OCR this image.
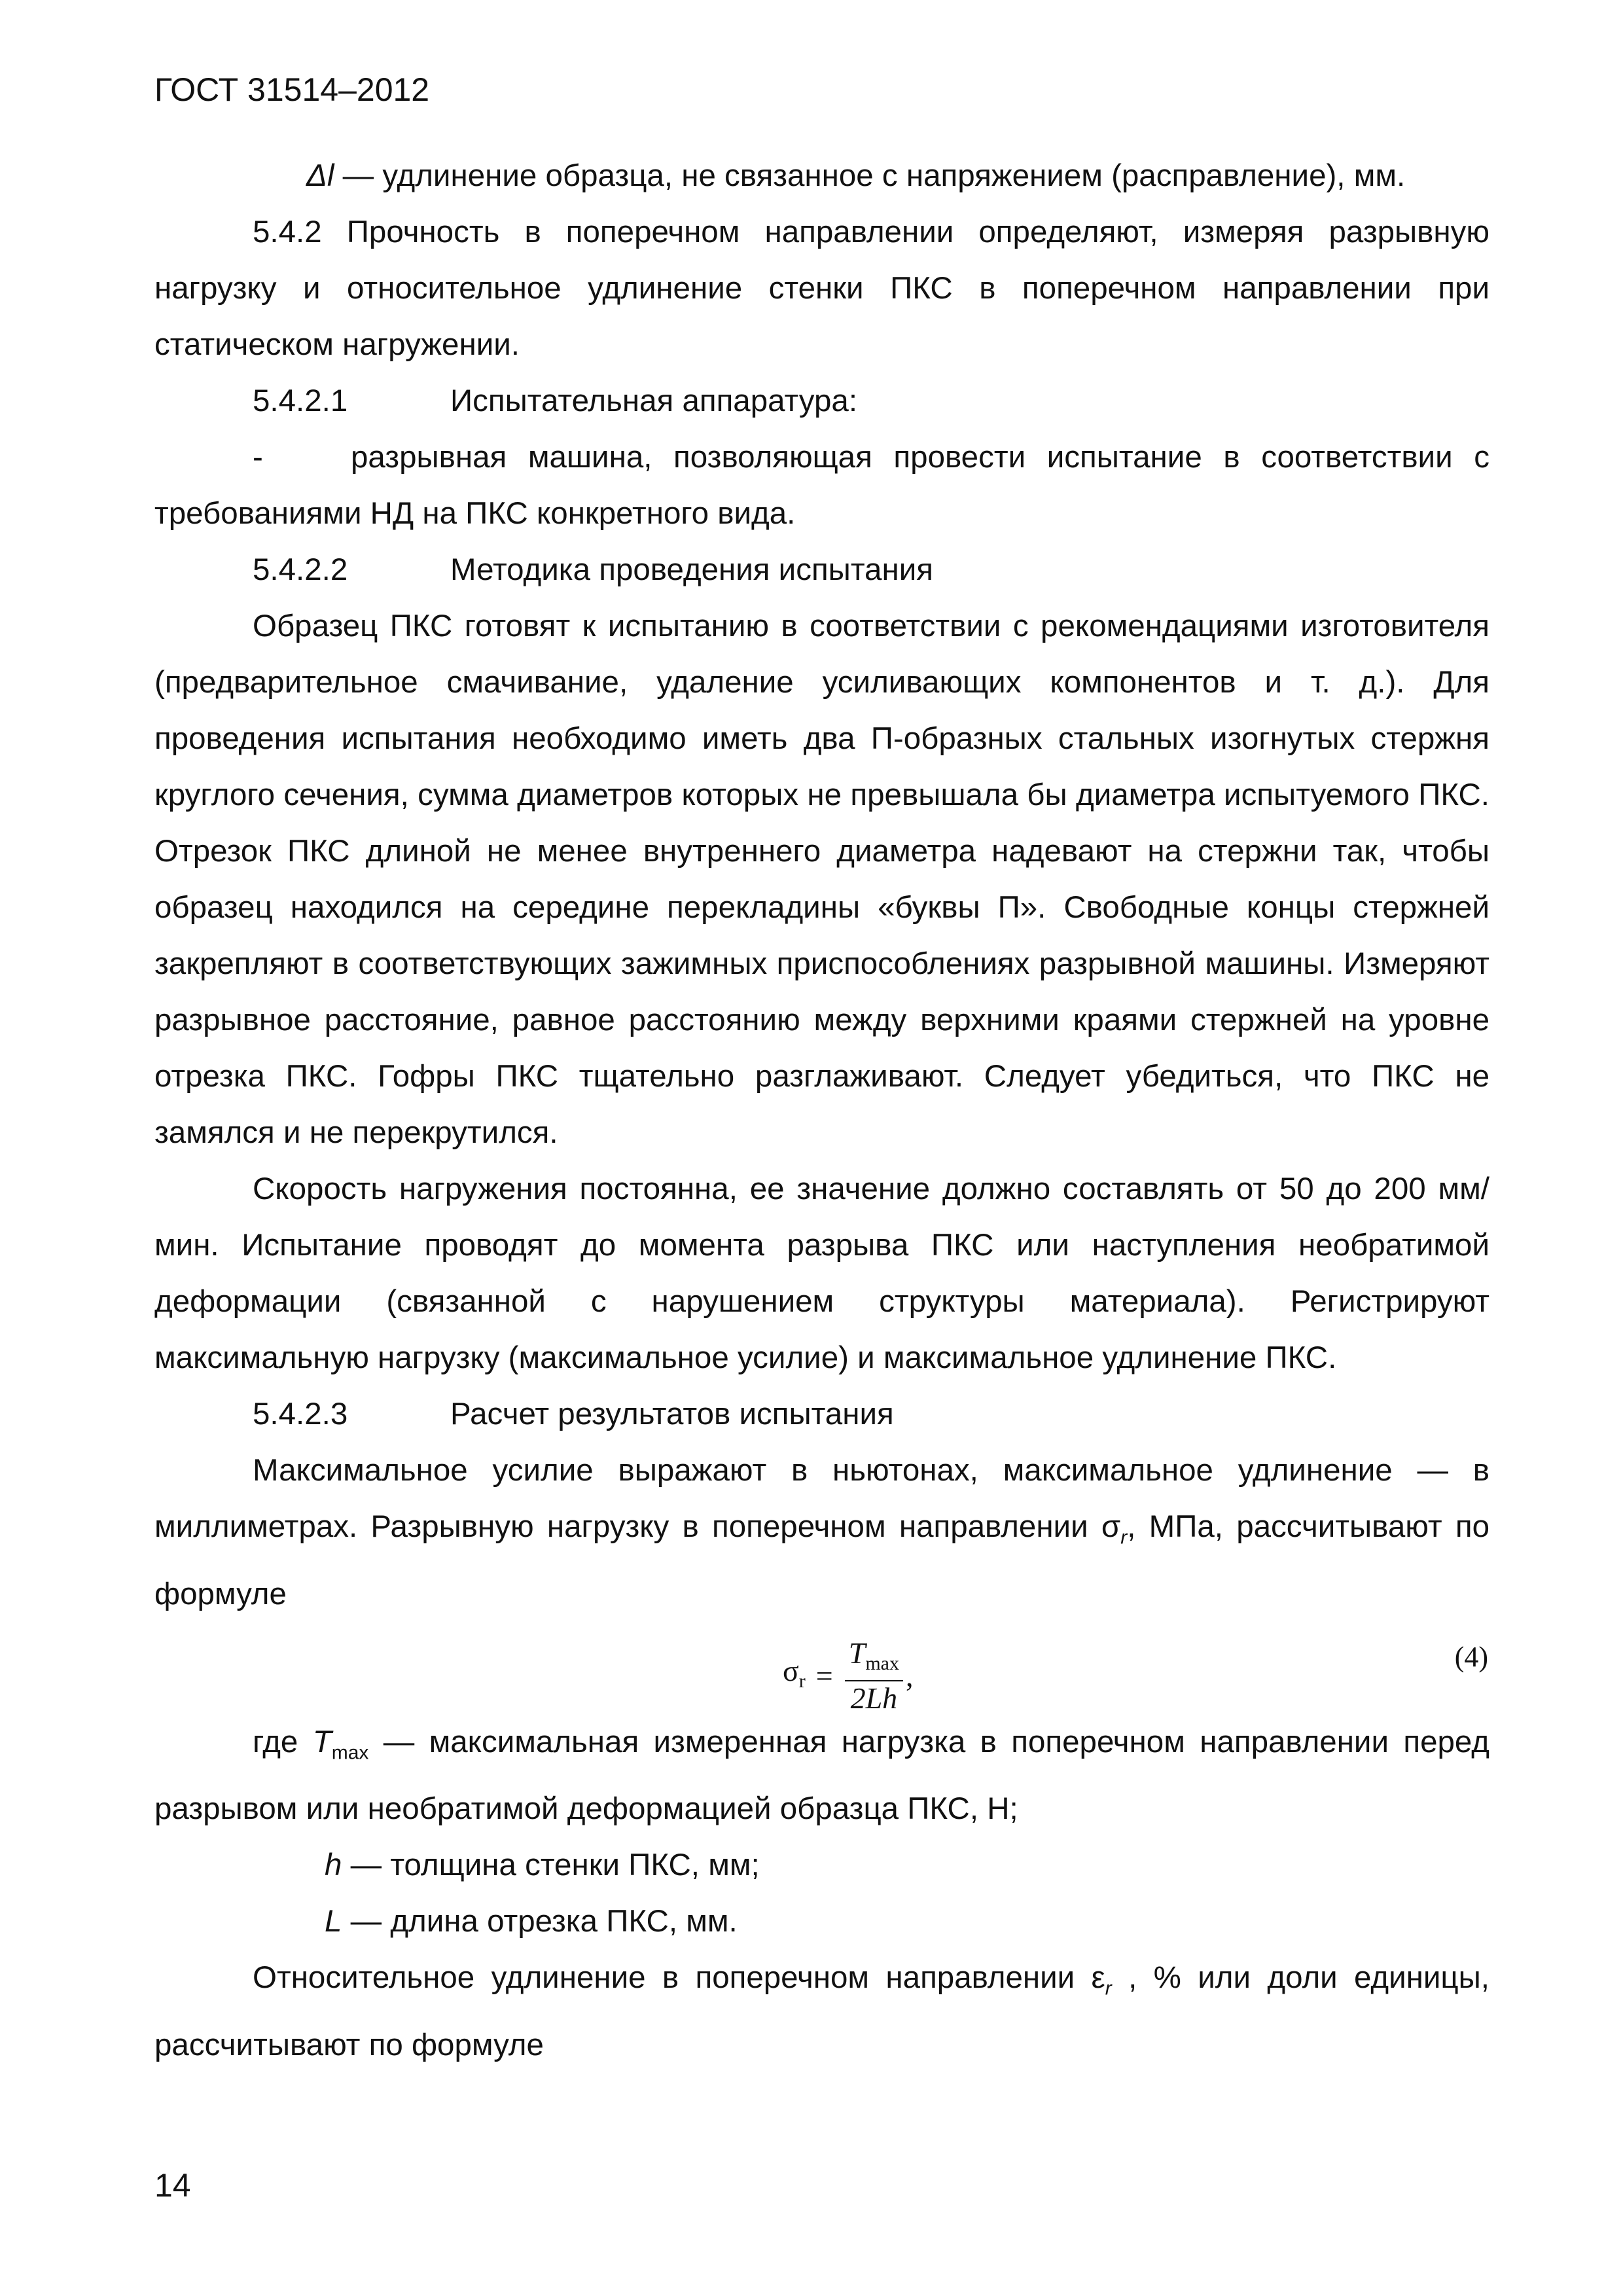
ГОСТ 31514–2012

Δl — удлинение образца, не связанное с напряжением (расправление), мм.

5.4.2 Прочность в поперечном направлении определяют, измеряя разрывную нагрузку и относительное удлинение стенки ПКС в поперечном направлении при статическом нагружении.

5.4.2.1	Испытательная аппаратура:

-	разрывная машина, позволяющая провести испытание в соответствии с требованиями НД на ПКС конкретного вида.

5.4.2.2	Методика проведения испытания

Образец ПКС готовят к испытанию в соответствии с рекомендациями изготовителя (предварительное смачивание, удаление усиливающих компонентов и т. д.). Для проведения испытания необходимо иметь два П-образных стальных изогнутых стержня круглого сечения, сумма диаметров которых не превышала бы диаметра испытуемого ПКС. Отрезок ПКС длиной не менее внутреннего диаметра надевают на стержни так, чтобы образец находился на середине перекладины «буквы П». Свободные концы стержней закрепляют в соответствующих зажимных приспособлениях разрывной машины. Измеряют разрывное расстояние, равное расстоянию между верхними краями стержней на уровне отрезка ПКС. Гофры ПКС тщательно разглаживают. Следует убедиться, что ПКС не замялся и не перекрутился.

Скорость нагружения постоянна, ее значение должно составлять от 50 до 200 мм/мин. Испытание проводят до момента разрыва ПКС или наступления необратимой деформации (связанной с нарушением структуры материала). Регистрируют максимальную нагрузку (максимальное усилие) и максимальное удлинение ПКС.

5.4.2.3	Расчет результатов испытания

Максимальное усилие выражают в ньютонах, максимальное удлинение — в миллиметрах. Разрывную нагрузку в поперечном направлении $\sigma_r$, МПа, рассчитывают по формуле

$\sigma_r = \frac{T_{max}}{2Lh}$ ,
(4)

где $T_{max}$ — максимальная измеренная нагрузка в поперечном направлении перед разрывом или необратимой деформацией образца ПКС, Н;

h — толщина стенки ПКС, мм;

L — длина отрезка ПКС, мм.

Относительное удлинение в поперечном направлении $\varepsilon_r$ , % или доли единицы, рассчитывают по формуле

14
